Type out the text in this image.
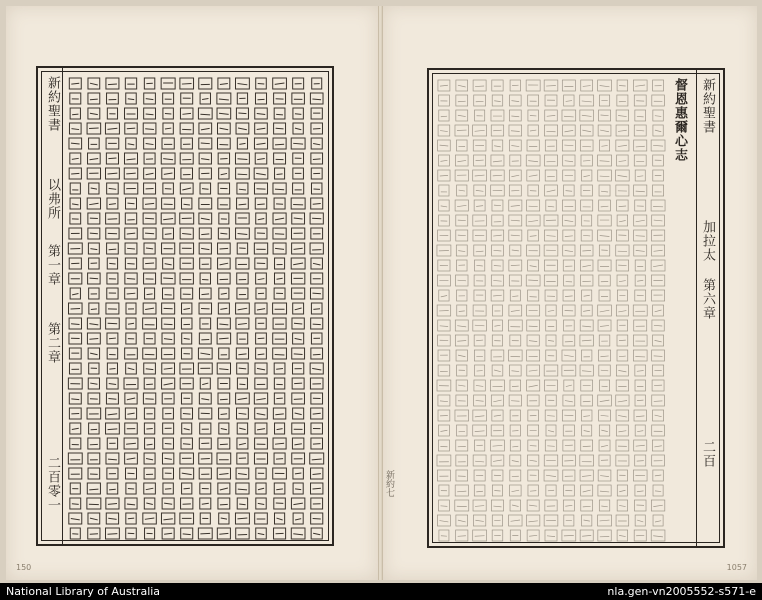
新約聖書
以弗所
第一章
第二章
二百零一
150
新約聖書
加拉太
第六章
二百
督恩惠爾心志
1057
新約七
National Library of Australia	nla.gen-vn2005552-s571-e
